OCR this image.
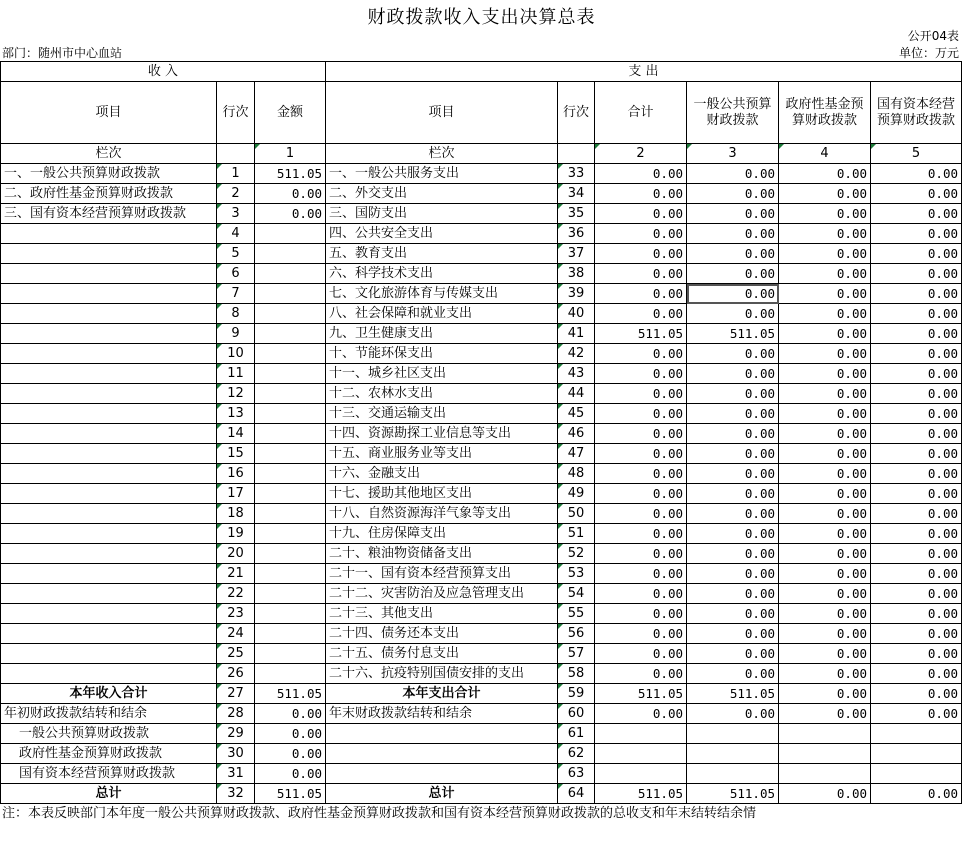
财政拨款收入支出决算总表
公开04表
部门：随州市中心血站	单位：万元
收 入			支 出					
项目	行次	金额	项目	行次	合计	一般公共预算财政拨款	政府性基金预算财政拨款	国有资本经营预算财政拨款
栏次		1	栏次		2	3	4	5
一、一般公共预算财政拨款	1	511.05	一、一般公共服务支出	33	0.00	0.00	0.00	0.00
二、政府性基金预算财政拨款	2	0.00	二、外交支出	34	0.00	0.00	0.00	0.00
三、国有资本经营预算财政拨款	3	0.00	三、国防支出	35	0.00	0.00	0.00	0.00
	4		四、公共安全支出	36	0.00	0.00	0.00	0.00
	5		五、教育支出	37	0.00	0.00	0.00	0.00
	6		六、科学技术支出	38	0.00	0.00	0.00	0.00
	7		七、文化旅游体育与传媒支出	39	0.00	0.00	0.00	0.00
	8		八、社会保障和就业支出	40	0.00	0.00	0.00	0.00
	9		九、卫生健康支出	41	511.05	511.05	0.00	0.00
	10		十、节能环保支出	42	0.00	0.00	0.00	0.00
	11		十一、城乡社区支出	43	0.00	0.00	0.00	0.00
	12		十二、农林水支出	44	0.00	0.00	0.00	0.00
	13		十三、交通运输支出	45	0.00	0.00	0.00	0.00
	14		十四、资源勘探工业信息等支出	46	0.00	0.00	0.00	0.00
	15		十五、商业服务业等支出	47	0.00	0.00	0.00	0.00
	16		十六、金融支出	48	0.00	0.00	0.00	0.00
	17		十七、援助其他地区支出	49	0.00	0.00	0.00	0.00
	18		十八、自然资源海洋气象等支出	50	0.00	0.00	0.00	0.00
	19		十九、住房保障支出	51	0.00	0.00	0.00	0.00
	20		二十、粮油物资储备支出	52	0.00	0.00	0.00	0.00
	21		二十一、国有资本经营预算支出	53	0.00	0.00	0.00	0.00
	22		二十二、灾害防治及应急管理支出	54	0.00	0.00	0.00	0.00
	23		二十三、其他支出	55	0.00	0.00	0.00	0.00
	24		二十四、债务还本支出	56	0.00	0.00	0.00	0.00
	25		二十五、债务付息支出	57	0.00	0.00	0.00	0.00
	26		二十六、抗疫特别国债安排的支出	58	0.00	0.00	0.00	0.00
本年收入合计	27	511.05	本年支出合计	59	511.05	511.05	0.00	0.00
年初财政拨款结转和结余	28	0.00	年末财政拨款结转和结余	60	0.00	0.00	0.00	0.00
一般公共预算财政拨款	29	0.00		61				
政府性基金预算财政拨款	30	0.00		62				
国有资本经营预算财政拨款	31	0.00		63				
总计	32	511.05	总计	64	511.05	511.05	0.00	0.00
注：本表反映部门本年度一般公共预算财政拨款、政府性基金预算财政拨款和国有资本经营预算财政拨款的总收支和年末结转结余情
